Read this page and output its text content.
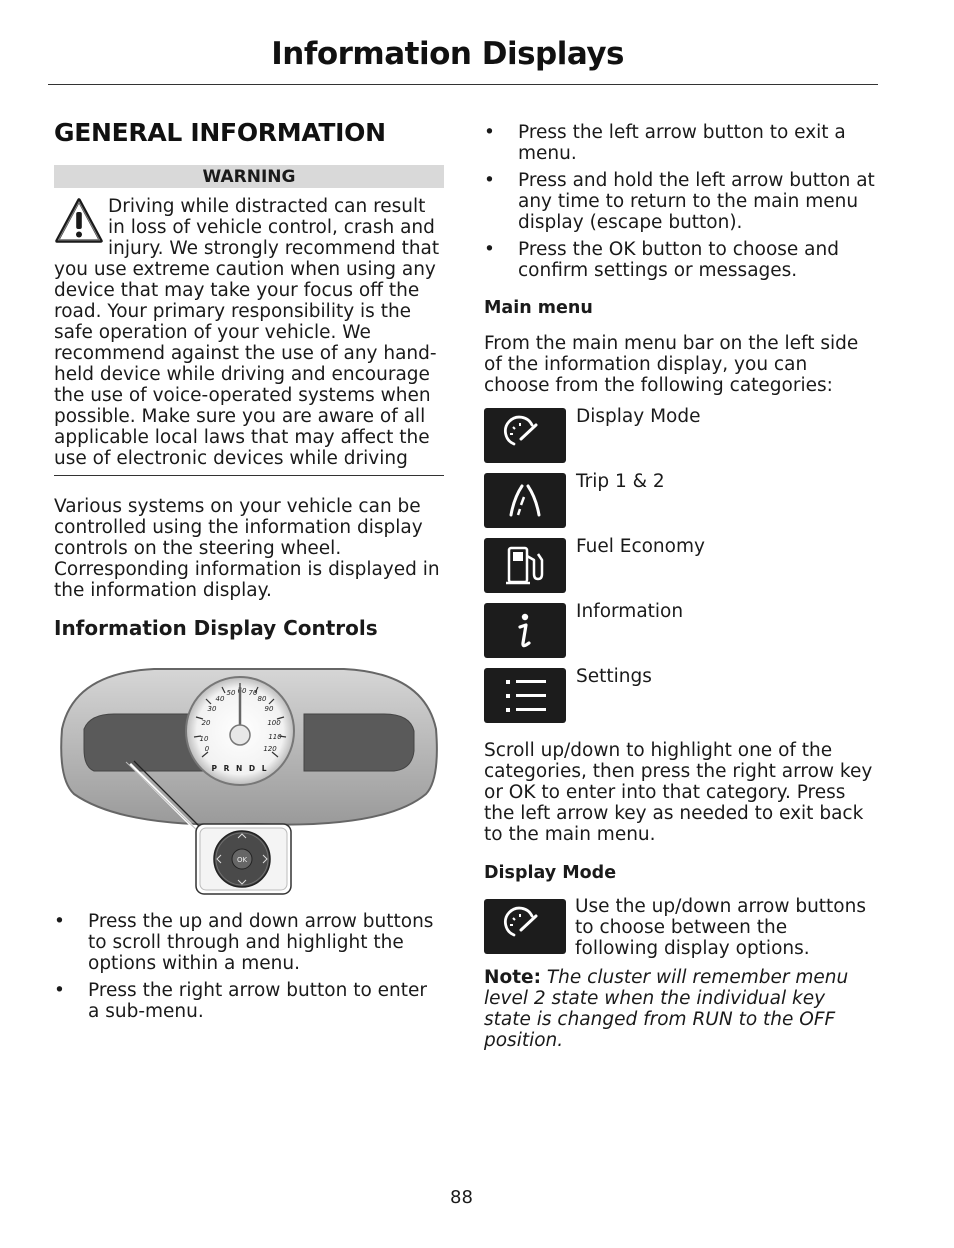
Information Displays
GENERAL INFORMATION
WARNING

Driving while distracted can result in loss of vehicle control, crash and injury. We strongly recommend that you use extreme caution when using any device that may take your focus off the road. Your primary responsibility is the safe operation of your vehicle. We recommend against the use of any hand-held device while driving and encourage the use of voice-operated systems when possible. Make sure you are aware of all applicable local laws that may affect the use of electronic devices while driving

Various systems on your vehicle can be controlled using the information display controls on the steering wheel. Corresponding information is displayed in the information display.

Information Display Controls
0
10
20
30
40
50 60 70
80
90
100
110
120
P R N D L
OK
• Press the up and down arrow buttons to scroll through and highlight the options within a menu.
• Press the right arrow button to enter a sub-menu.
• Press the left arrow button to exit a menu.
• Press and hold the left arrow button at any time to return to the main menu display (escape button).
• Press the OK button to choose and confirm settings or messages.
Main menu

From the main menu bar on the left side of the information display, you can choose from the following categories:

Display Mode
Trip 1 & 2
Fuel Economy
Information
Settings

Scroll up/down to highlight one of the categories, then press the right arrow key or OK to enter into that category. Press the left arrow key as needed to exit back to the main menu.

Display Mode

Use the up/down arrow buttons to choose between the following display options.

Note: The cluster will remember menu level 2 state when the individual key state is changed from RUN to the OFF position.

88
